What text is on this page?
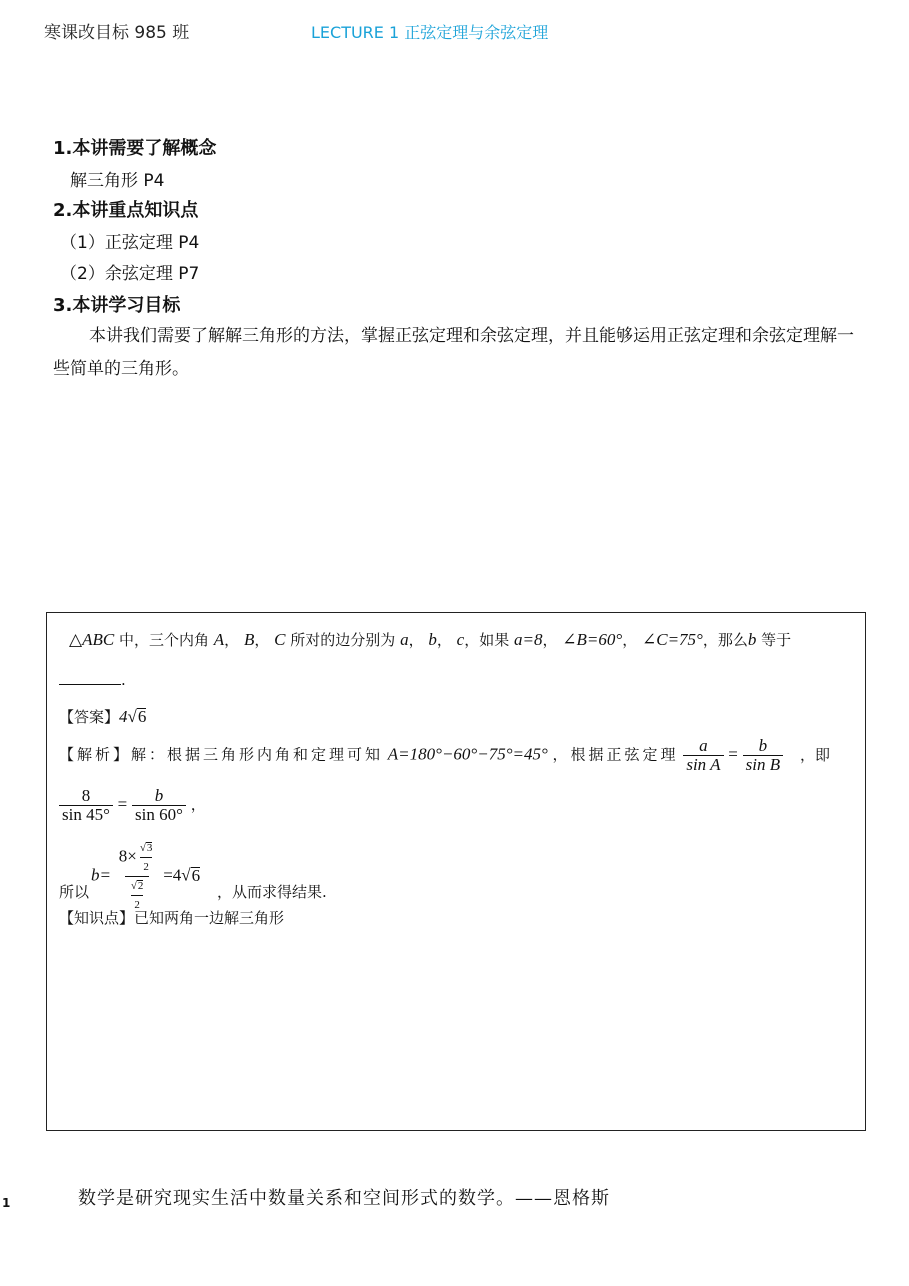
寒课改目标 985 班	LECTURE 1 正弦定理与余弦定理
1.本讲需要了解概念
解三角形 P4
2.本讲重点知识点
（1）正弦定理 P4
（2）余弦定理 P7
3.本讲学习目标
本讲我们需要了解解三角形的方法，掌握正弦定理和余弦定理，并且能够运用正弦定理和余弦定理解一些简单的三角形。
△ABC 中，三个内角 A， B， C 所对的边分别为 a， b， c，如果 a=8， ∠B=60°， ∠C=75°，那么b 等于
.
【答案】4√6
【解析】解：根据三角形内角和定理可知 A=180°−60°−75°=45° ，根据正弦定理 $\frac{a}{\text{sin A}} = \frac{b}{\text{sin B}}$ ，即
$\frac{8}{\sin 45^\circ} = \frac{b}{\sin 60^\circ}$ ，
$b= \frac{8\times \frac{√3}{2}}{\frac{√2}{2}} =4√6$
所以	，从而求得结果.
【知识点】已知两角一边解三角形
1	数学是研究现实生活中数量关系和空间形式的数学。——恩格斯
